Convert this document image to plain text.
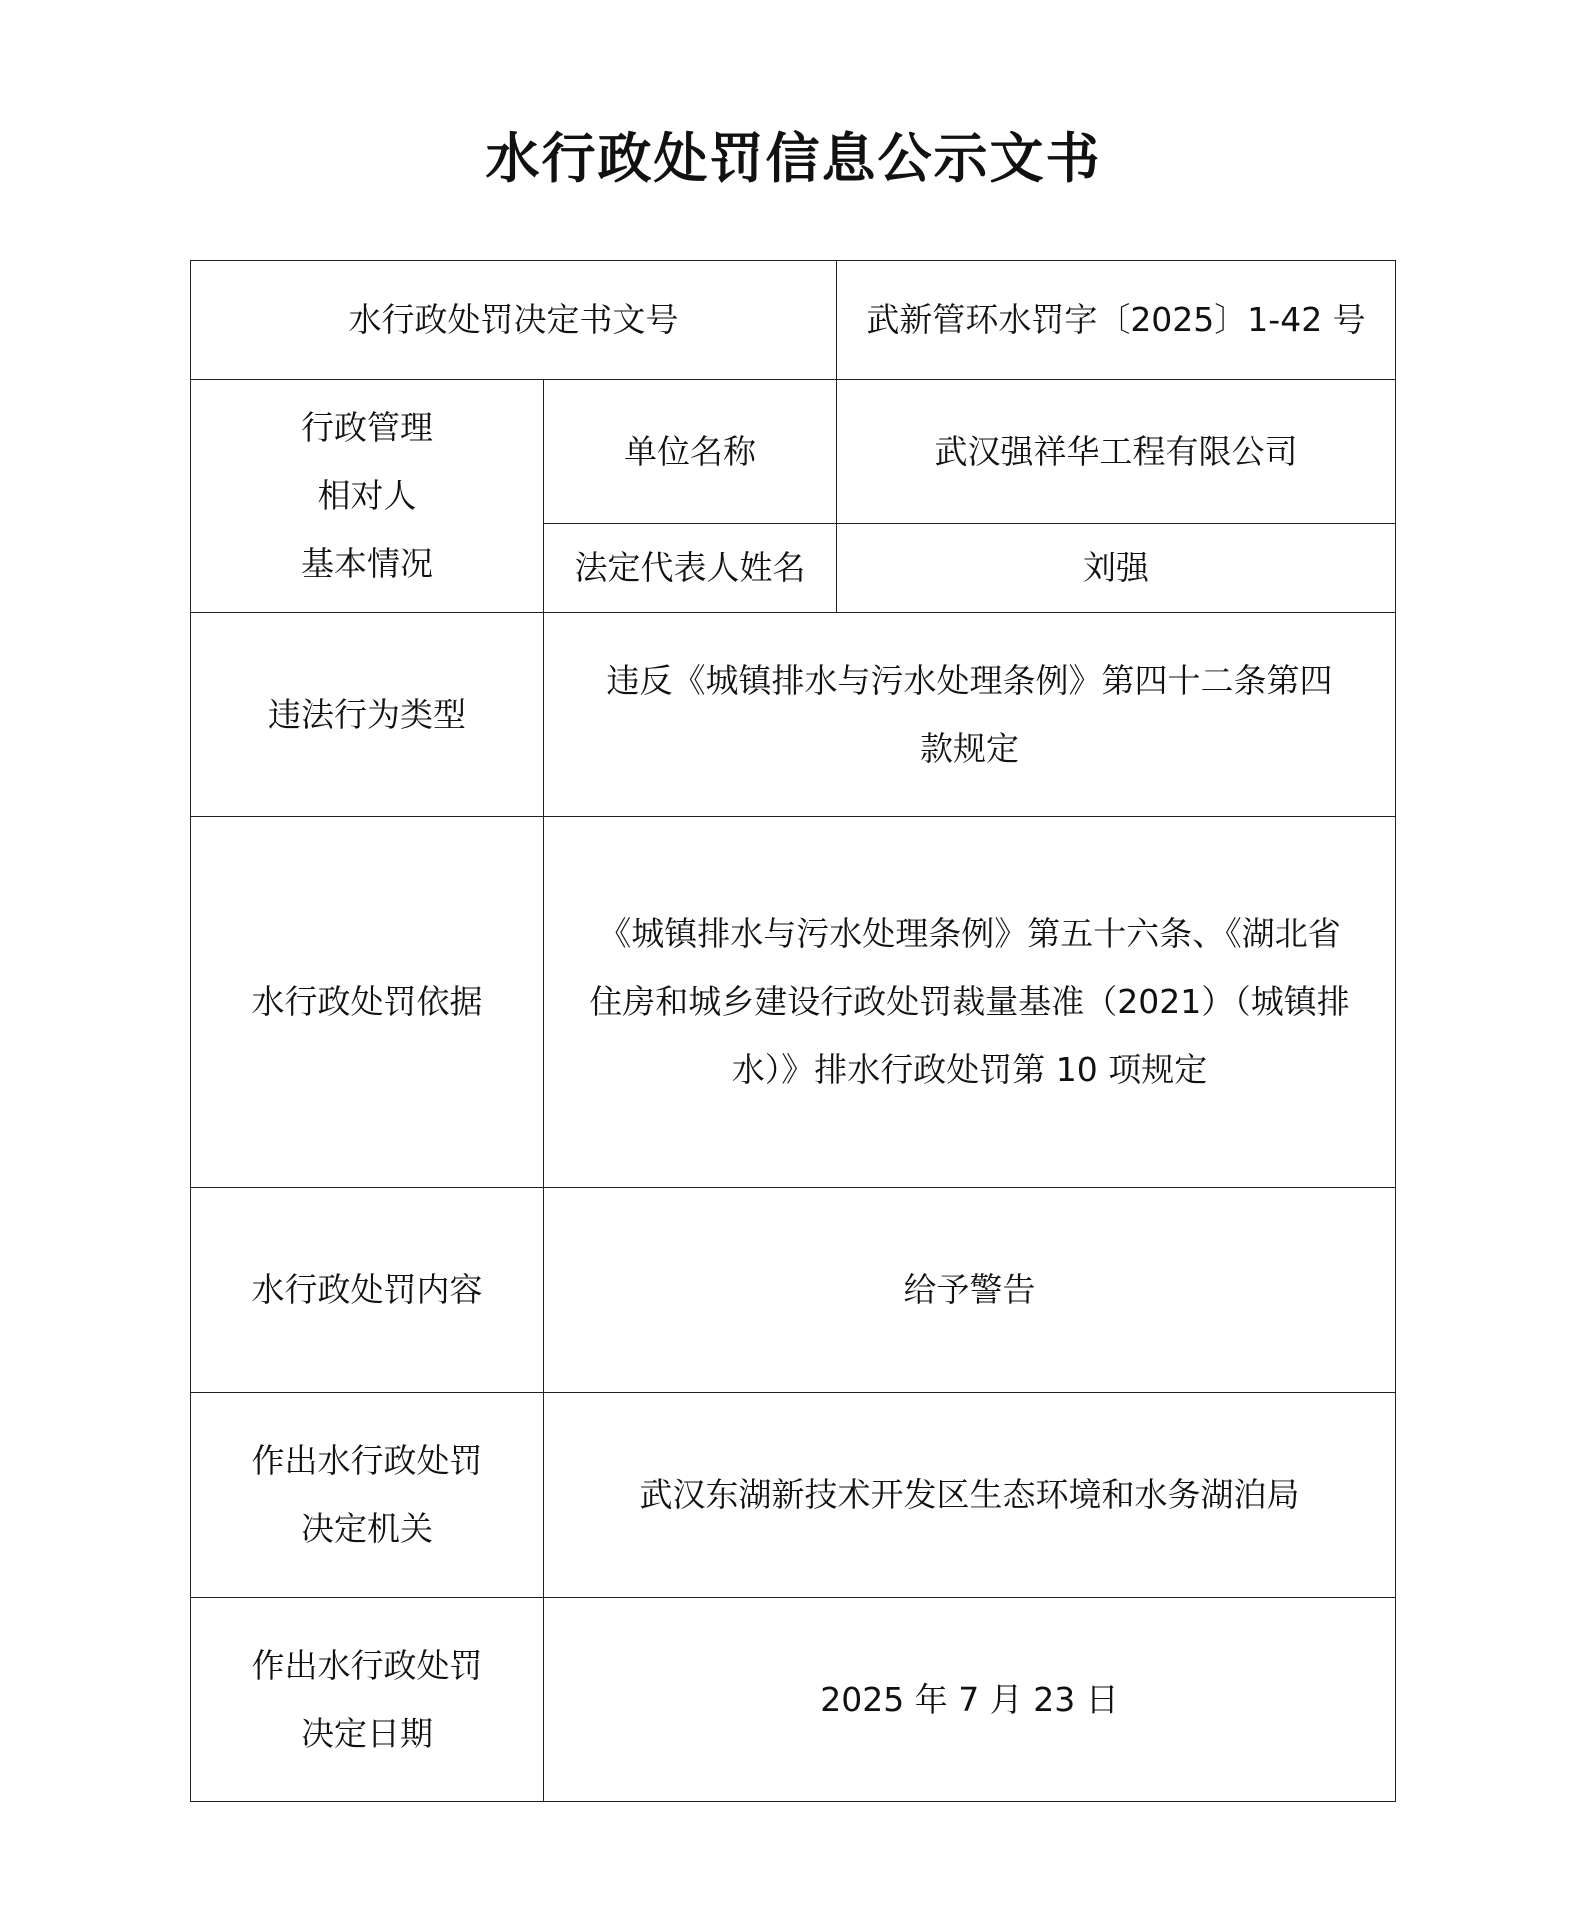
水行政处罚信息公示文书
水行政处罚决定书文号		武新管环水罚字〔2025〕1-42 号

行政管理
相对人
基本情况	单位名称	武汉强祥华工程有限公司
	法定代表人姓名	刘强
违法行为类型	违反《城镇排水与污水处理条例》第四十二条第四
款规定	

水行政处罚依据	《城镇排水与污水处理条例》第五十六条、《湖北省
住房和城乡建设行政处罚裁量基准（2021）（城镇排
水）》排水行政处罚第 10 项规定	

水行政处罚内容	给予警告	

作出水行政处罚
决定机关	武汉东湖新技术开发区生态环境和水务湖泊局	

作出水行政处罚
决定日期	2025 年 7 月 23 日	
